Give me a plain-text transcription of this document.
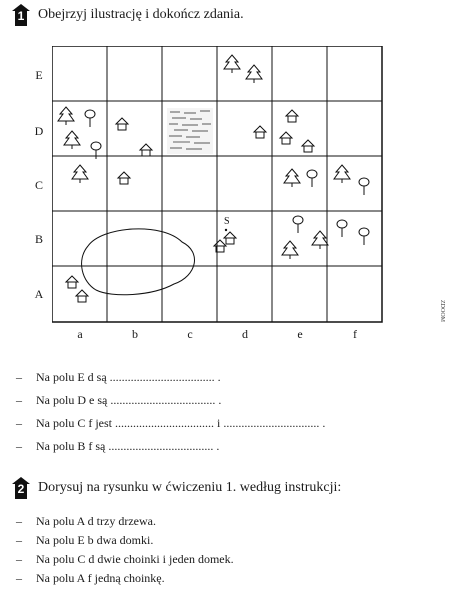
1 Obejrzyj ilustrację i dokończ zdania.
S
E
D
C
B
A
a	b	c	d	e	f
– Na polu E d są ................................... .
– Na polu D e są ................................... .
– Na polu C f jest ................................. i ................................ .
– Na polu B f są ................................... .
2 Dorysuj na rysunku w ćwiczeniu 1. według instrukcji:
– Na polu A d trzy drzewa.
– Na polu E b dwa domki.
– Na polu C d dwie choinki i jeden domek.
– Na polu A f jedną choinkę.
ZDOOM
